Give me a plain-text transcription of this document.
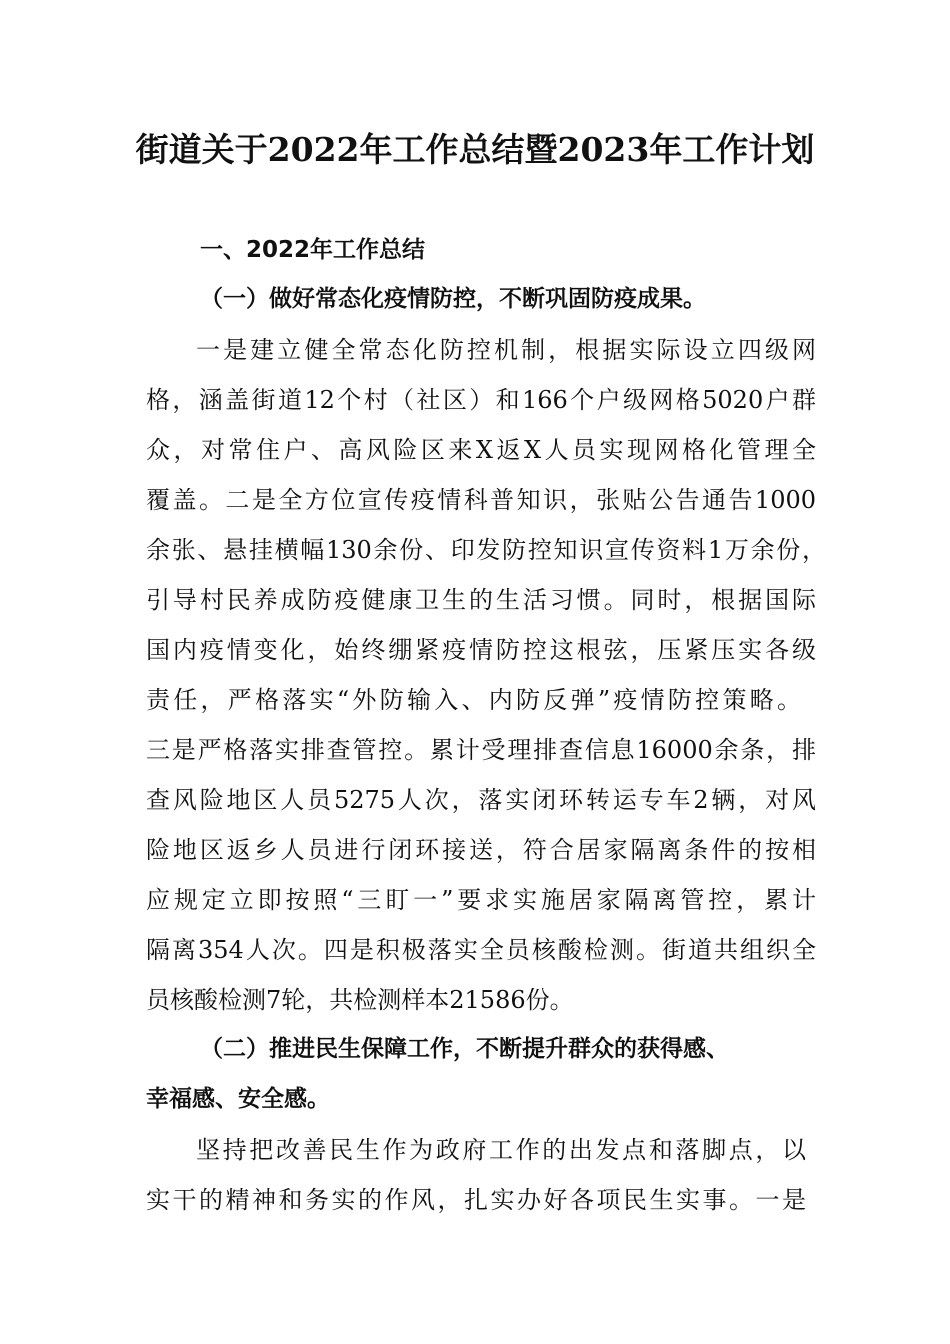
街道关于2022年工作总结暨2023年工作计划
一、2022年工作总结
（一）做好常态化疫情防控，不断巩固防疫成果。
一是建立健全常态化防控机制，根据实际设立四级网
格，涵盖街道12个村（社区）和166个户级网格5020户群
众，对常住户、高风险区来X返X人员实现网格化管理全
覆盖。二是全方位宣传疫情科普知识，张贴公告通告1000
余张、悬挂横幅130余份、印发防控知识宣传资料1万余份，
引导村民养成防疫健康卫生的生活习惯。同时，根据国际
国内疫情变化，始终绷紧疫情防控这根弦，压紧压实各级
责任，严格落实“外防输入、内防反弹”疫情防控策略。
三是严格落实排查管控。累计受理排查信息16000余条，排
查风险地区人员5275人次，落实闭环转运专车2辆，对风
险地区返乡人员进行闭环接送，符合居家隔离条件的按相
应规定立即按照“三盯一”要求实施居家隔离管控，累计
隔离354人次。四是积极落实全员核酸检测。街道共组织全
员核酸检测7轮，共检测样本21586份。
（二）推进民生保障工作，不断提升群众的获得感、
幸福感、安全感。
坚持把改善民生作为政府工作的出发点和落脚点，以
实干的精神和务实的作风，扎实办好各项民生实事。一是
